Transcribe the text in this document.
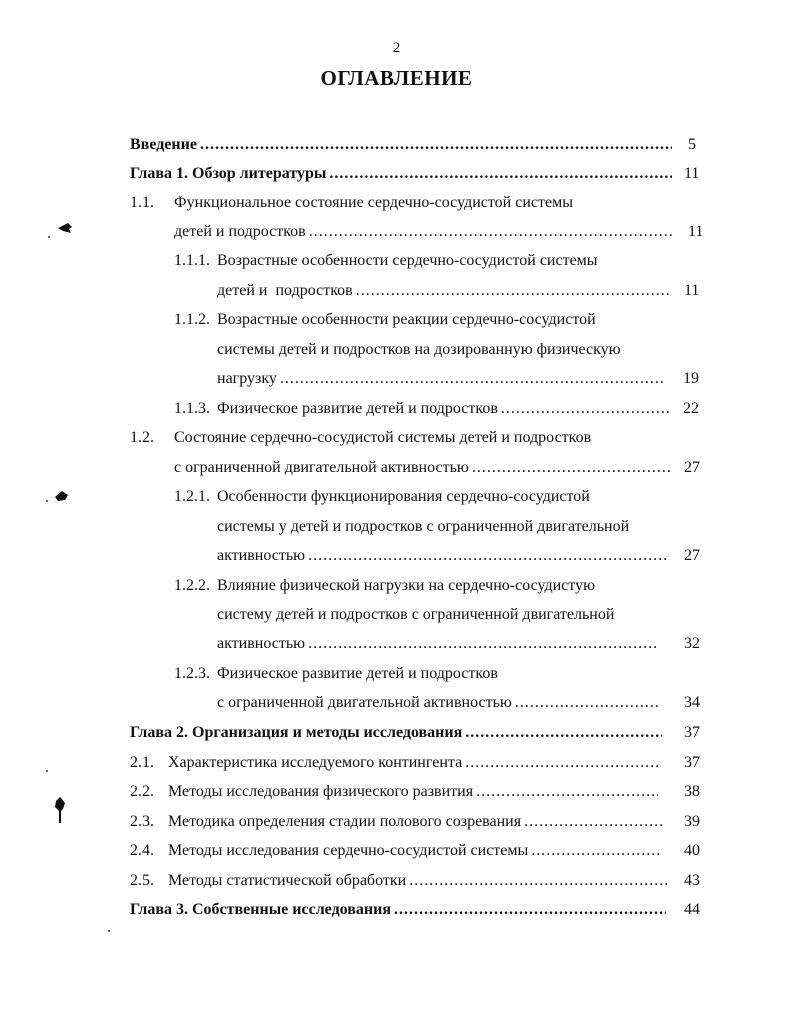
2
ОГЛАВЛЕНИЕ
Введение .....	5
Глава 1. Обзор литературы .....	11
1.1. Функциональное состояние сердечно-сосудистой системы
детей и подростков .....	11
1.1.1. Возрастные особенности сердечно-сосудистой системы
детей и  подростков .....	11
1.1.2. Возрастные особенности реакции сердечно-сосудистой
системы детей и подростков на дозированную физическую
нагрузку .....	19
1.1.3. Физическое развитие детей и подростков .....	22
1.2. Состояние сердечно-сосудистой системы детей и подростков
с ограниченной двигательной активностью .....	27
1.2.1. Особенности функционирования сердечно-сосудистой
системы у детей и подростков с ограниченной двигательной
активностью .....	27
1.2.2. Влияние физической нагрузки на сердечно-сосудистую
систему детей и подростков с ограниченной двигательной
активностью .....	32
1.2.3. Физическое развитие детей и подростков
с ограниченной двигательной активностью .....	34
Глава 2. Организация и методы исследования .....	37
2.1. Характеристика исследуемого контингента .....	37
2.2. Методы исследования физического развития .....	38
2.3. Методика определения стадии полового созревания .....	39
2.4. Методы исследования сердечно-сосудистой системы .....	40
2.5. Методы статистической обработки .....	43
Глава 3. Собственные исследования .....	44
